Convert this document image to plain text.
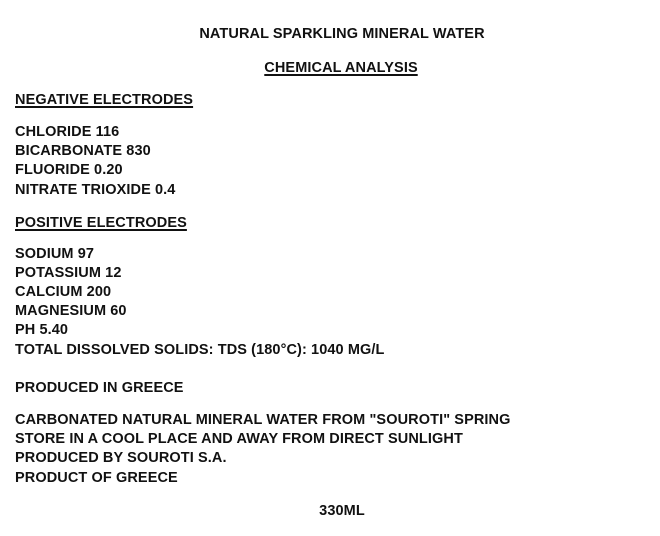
NATURAL SPARKLING MINERAL WATER
CHEMICAL ANALYSIS
NEGATIVE ELECTRODES
CHLORIDE 116
BICARBONATE 830
FLUORIDE 0.20
NITRATE TRIOXIDE 0.4
POSITIVE ELECTRODES
SODIUM 97
POTASSIUM 12
CALCIUM 200
MAGNESIUM 60
PH 5.40
TOTAL DISSOLVED SOLIDS: TDS (180°C): 1040 MG/L
PRODUCED IN GREECE
CARBONATED NATURAL MINERAL WATER FROM "SOUROTI" SPRING
STORE IN A COOL PLACE AND AWAY FROM DIRECT SUNLIGHT
PRODUCED BY SOUROTI S.A.
PRODUCT OF GREECE
330ML
